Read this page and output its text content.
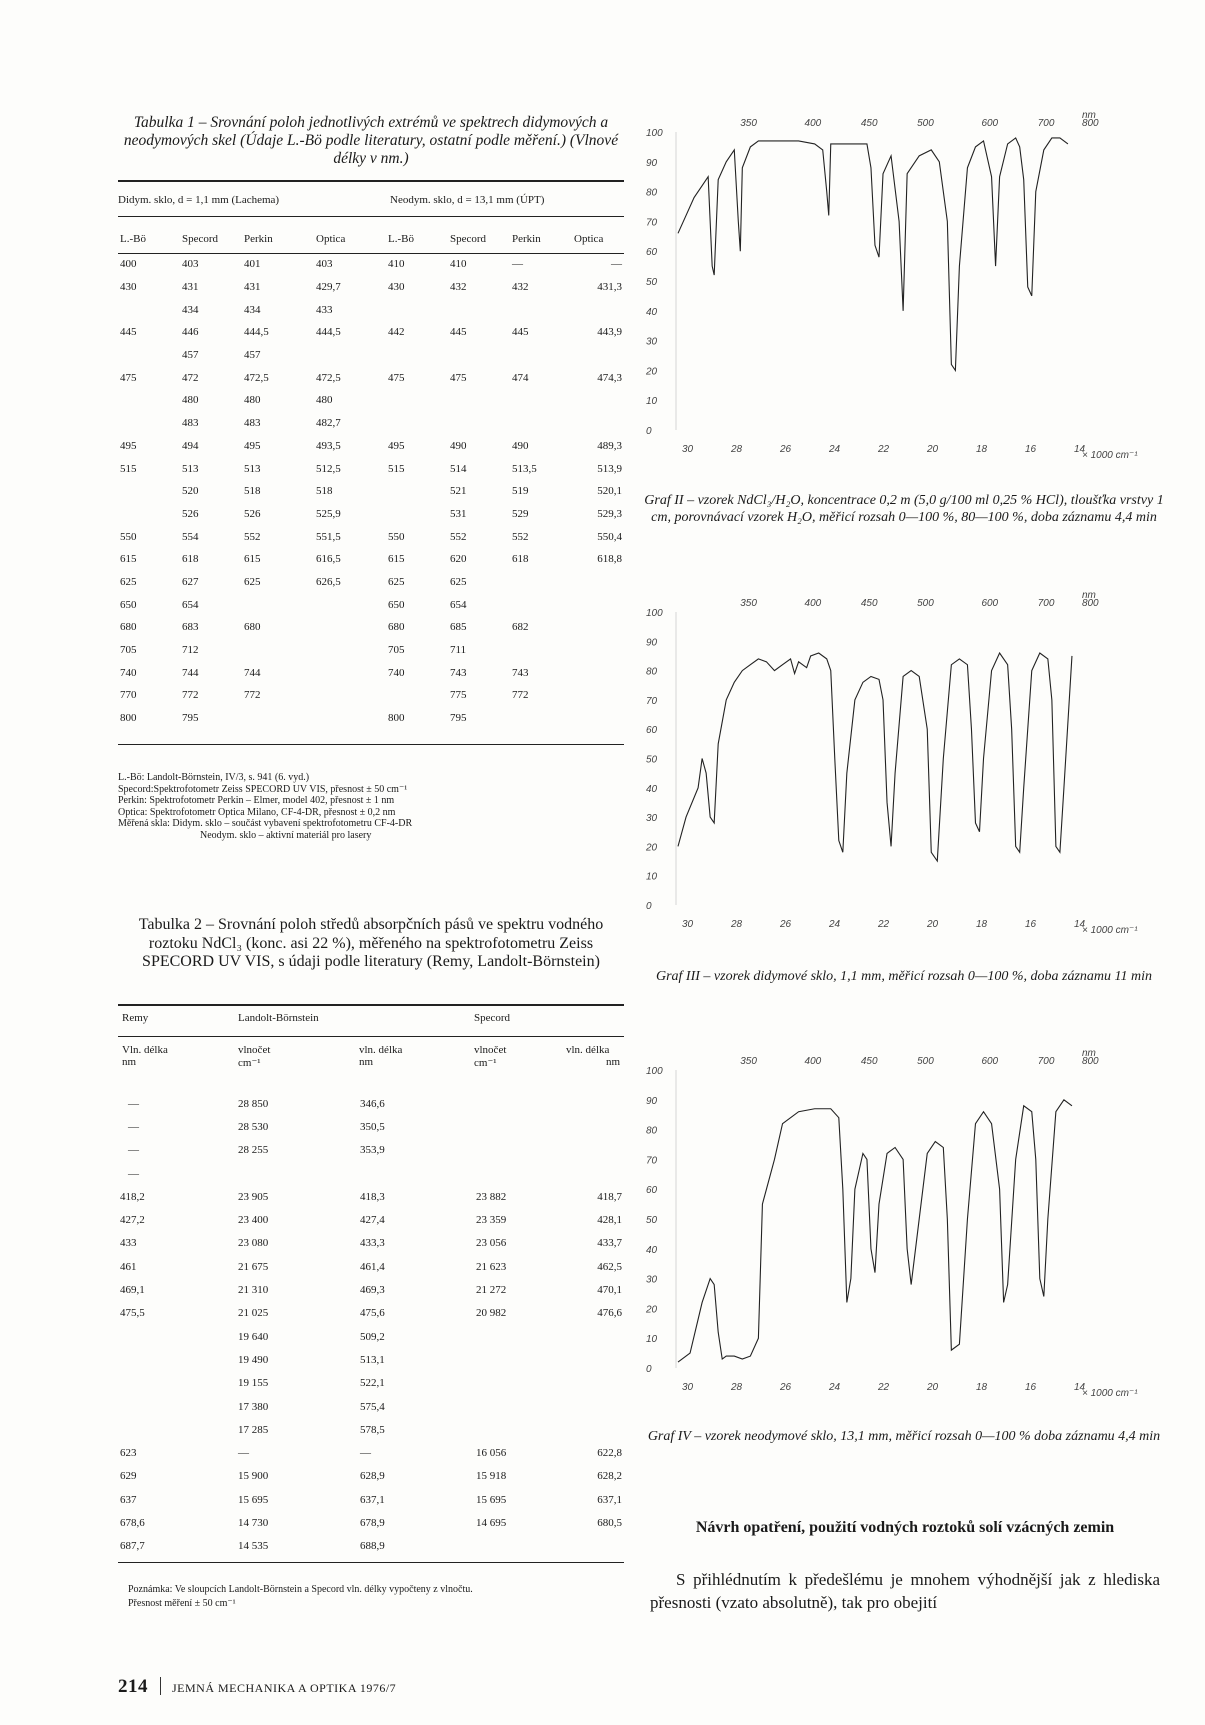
Tabulka 1 – Srovnání poloh jednotlivých extrémů ve spektrech didymových a neodymových skel (Údaje L.-Bö podle literatury, ostatní podle měření.) (Vlnové délky v nm.)
Didym. sklo, d = 1,1 mm (Lachema)	Neodym. sklo, d = 13,1 mm (ÚPT)
L.-Bö	Specord	Perkin	Optica	L.-Bö	Specord	Perkin	Optica
400	403	401	403	410	410	—	—
430	431	431	429,7	430	432	432	431,3
	434	434	433				
445	446	444,5	444,5	442	445	445	443,9
	457	457					
475	472	472,5	472,5	475	475	474	474,3
	480	480	480				
	483	483	482,7				
495	494	495	493,5	495	490	490	489,3
515	513	513	512,5	515	514	513,5	513,9
	520	518	518		521	519	520,1
	526	526	525,9		531	529	529,3
550	554	552	551,5	550	552	552	550,4
615	618	615	616,5	615	620	618	618,8
625	627	625	626,5	625	625		
650	654			650	654		
680	683	680		680	685	682	
705	712			705	711		
740	744	744		740	743	743	
770	772	772			775	772	
800	795			800	795		
L.-Bö: Landolt-Börnstein, IV/3, s. 941 (6. vyd.)
Specord:Spektrofotometr Zeiss SPECORD UV VIS, přesnost ± 50 cm⁻¹
Perkin: Spektrofotometr Perkin – Elmer, model 402, přesnost ± 1 nm
Optica: Spektrofotometr Optica Milano, CF-4-DR, přesnost ± 0,2 nm
Měřená skla: Didym. sklo – součást vybavení spektrofotometru CF-4-DR
Neodym. sklo – aktivní materiál pro lasery
Tabulka 2 – Srovnání poloh středů absorpčních pásů ve spektru vodného roztoku NdCl₃ (konc. asi 22 %), měřeného na spektrofotometru Zeiss SPECORD UV VIS, s údaji podle literatury (Remy, Landolt-Börnstein)
Remy	Landolt-Börnstein	Specord
Vln. délka
nm
vlnočet
cm⁻¹
vln. délka
nm
vlnočet
cm⁻¹
vln. délka
nm
—	28 850	346,6		
—	28 530	350,5		
—	28 255	353,9		
—				
418,2	23 905	418,3	23 882	418,7
427,2	23 400	427,4	23 359	428,1
433	23 080	433,3	23 056	433,7
461	21 675	461,4	21 623	462,5
469,1	21 310	469,3	21 272	470,1
475,5	21 025	475,6	20 982	476,6
	19 640	509,2		
	19 490	513,1		
	19 155	522,1		
	17 380	575,4		
	17 285	578,5		
623	—	—	16 056	622,8
629	15 900	628,9	15 918	628,2
637	15 695	637,1	15 695	637,1
678,6	14 730	678,9	14 695	680,5
687,7	14 535	688,9		
Poznámka: Ve sloupcích Landolt-Börnstein a Specord vln. délky vypočteny z vlnočtu.
Přesnost měření ± 50 cm⁻¹
100
90
80
70
60
50
40
30
20
10
0
30	28	26	24	22	20	18	16	14
× 1000 cm⁻¹
350	400	450	500	600	700	800
nm
Graf II – vzorek NdCl₃/H₂O, koncentrace 0,2 m (5,0 g/100 ml 0,25 % HCl), tloušťka vrstvy 1 cm, porovnávací vzorek H₂O, měřicí rozsah 0—100 %, 80—100 %, doba záznamu 4,4 min
100
90
80
70
60
50
40
30
20
10
0
30	28	26	24	22	20	18	16	14
× 1000 cm⁻¹
350	400	450	500	600	700	800
nm
Graf III – vzorek didymové sklo, 1,1 mm, měřicí rozsah 0—100 %, doba záznamu 11 min
100
90
80
70
60
50
40
30
20
10
0
30	28	26	24	22	20	18	16	14
× 1000 cm⁻¹
350	400	450	500	600	700	800
nm
Graf IV – vzorek neodymové sklo, 13,1 mm, měřicí rozsah 0—100 % doba záznamu 4,4 min
Návrh opatření, použití vodných roztoků solí vzácných zemin
S přihlédnutím k předešlému je mnohem výhodnější jak z hlediska přesnosti (vzato absolutně), tak pro obejití
214 JEMNÁ MECHANIKA A OPTIKA 1976/7
